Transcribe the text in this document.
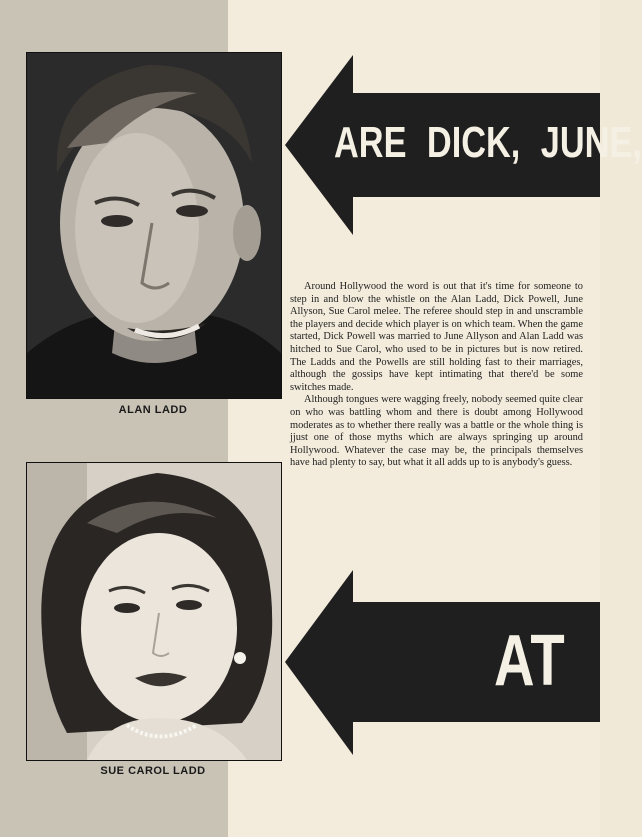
ALAN LADD
SUE CAROL LADD
ARE DICK, JUNE,
AT

Around Hollywood the word is out that it's time for someone to step in and blow the whistle on the Alan Ladd, Dick Powell, June Allyson, Sue Carol melee. The referee should step in and unscramble the players and decide which player is on which team. When the game started, Dick Powell was married to June Allyson and Alan Ladd was hitched to Sue Carol, who used to be in pictures but is now retired. The Ladds and the Powells are still holding fast to their marriages, although the gossips have kept intimating that there'd be some switches made.

Although tongues were wagging freely, nobody seemed quite clear on who was battling whom and there is doubt among Hollywood moderates as to whether there really was a battle or the whole thing is jjust one of those myths which are always springing up around Hollywood. Whatever the case may be, the principals themselves have had plenty to say, but what it all adds up to is anybody's guess.
